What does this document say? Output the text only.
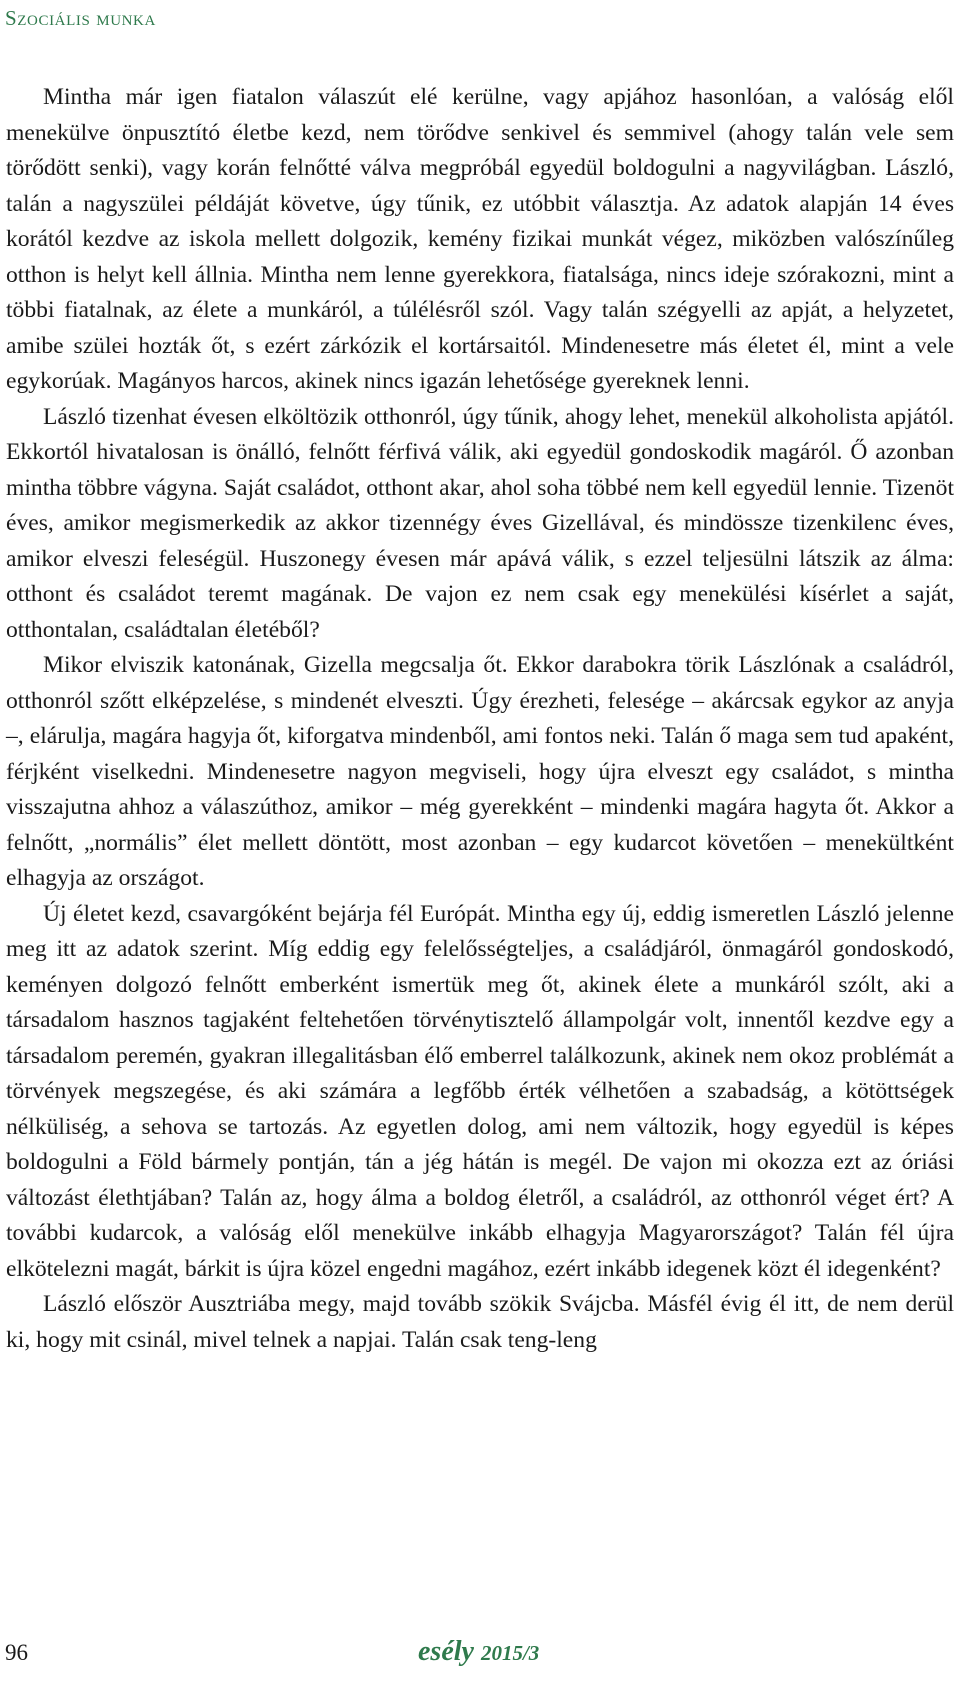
Szociális munka

Mintha már igen fiatalon válaszút elé kerülne, vagy apjához hasonlóan, a valóság elől menekülve önpusztító életbe kezd, nem törődve senkivel és semmivel (ahogy talán vele sem törődött senki), vagy korán felnőtté válva megpróbál egyedül boldogulni a nagyvilágban. László, talán a nagyszülei példáját követve, úgy tűnik, ez utóbbit választja. Az adatok alapján 14 éves korától kezdve az iskola mellett dolgozik, kemény fizikai munkát végez, miközben valószínűleg otthon is helyt kell állnia. Mintha nem lenne gyerekkora, fiatalsága, nincs ideje szórakozni, mint a többi fiatalnak, az élete a munkáról, a túlélésről szól. Vagy talán szégyelli az apját, a helyzetet, amibe szülei hozták őt, s ezért zárkózik el kortársaitól. Mindenesetre más életet él, mint a vele egykorúak. Magányos harcos, akinek nincs igazán lehetősége gyereknek lenni.

László tizenhat évesen elköltözik otthonról, úgy tűnik, ahogy lehet, menekül alkoholista apjától. Ekkortól hivatalosan is önálló, felnőtt férfivá válik, aki egyedül gondoskodik magáról. Ő azonban mintha többre vágyna. Saját családot, otthont akar, ahol soha többé nem kell egyedül lennie. Tizenöt éves, amikor megismerkedik az akkor tizennégy éves Gizellával, és mindössze tizenkilenc éves, amikor elveszi feleségül. Huszonegy évesen már apává válik, s ezzel teljesülni látszik az álma: otthont és családot teremt magának. De vajon ez nem csak egy menekülési kísérlet a saját, otthontalan, családtalan életéből?

Mikor elviszik katonának, Gizella megcsalja őt. Ekkor darabokra törik Lászlónak a családról, otthonról szőtt elképzelése, s mindenét elveszti. Úgy érezheti, felesége – akárcsak egykor az anyja –, elárulja, magára hagyja őt, kiforgatva mindenből, ami fontos neki. Talán ő maga sem tud apaként, férjként viselkedni. Mindenesetre nagyon megviseli, hogy újra elveszt egy családot, s mintha visszajutna ahhoz a válaszúthoz, amikor – még gyerekként – mindenki magára hagyta őt. Akkor a felnőtt, „normális” élet mellett döntött, most azonban – egy kudarcot követően – menekültként elhagyja az országot.

Új életet kezd, csavargóként bejárja fél Európát. Mintha egy új, eddig ismeretlen László jelenne meg itt az adatok szerint. Míg eddig egy felelősségteljes, a családjáról, önmagáról gondoskodó, keményen dolgozó felnőtt emberként ismertük meg őt, akinek élete a munkáról szólt, aki a társadalom hasznos tagjaként feltehetően törvénytisztelő állampolgár volt, innentől kezdve egy a társadalom peremén, gyakran illegalitásban élő emberrel találkozunk, akinek nem okoz problémát a törvények megszegése, és aki számára a legfőbb érték vélhetően a szabadság, a kötöttségek nélküliség, a sehova se tartozás. Az egyetlen dolog, ami nem változik, hogy egyedül is képes boldogulni a Föld bármely pontján, tán a jég hátán is megél. De vajon mi okozza ezt az óriási változást élethtjában? Talán az, hogy álma a boldog életről, a családról, az otthonról véget ért? A további kudarcok, a valóság elől menekülve inkább elhagyja Magyarországot? Talán fél újra elkötelezni magát, bárkit is újra közel engedni magához, ezért inkább idegenek közt él idegenként?

László először Ausztriába megy, majd tovább szökik Svájcba. Másfél évig él itt, de nem derül ki, hogy mit csinál, mivel telnek a napjai. Talán csak teng-leng

96	esély 2015/3
